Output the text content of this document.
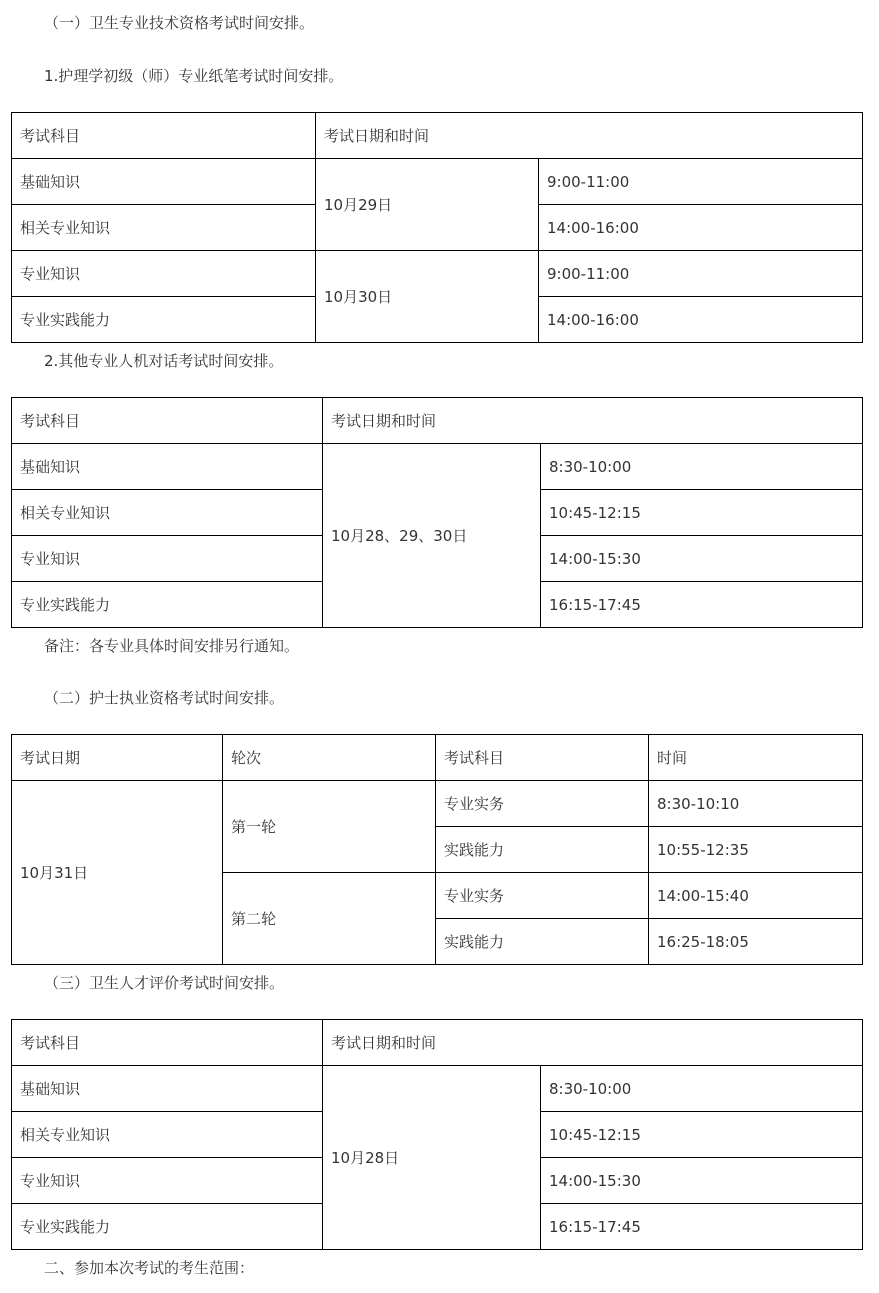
（一）卫生专业技术资格考试时间安排。
1.护理学初级（师）专业纸笔考试时间安排。
考试科目	考试日期和时间	
基础知识	10月29日	9:00-11:00
相关专业知识		14:00-16:00
专业知识	10月30日	9:00-11:00
专业实践能力		14:00-16:00
2.其他专业人机对话考试时间安排。
考试科目	考试日期和时间	
基础知识	10月28、29、30日	8:30-10:00
相关专业知识		10:45-12:15
专业知识		14:00-15:30
专业实践能力		16:15-17:45
备注：各专业具体时间安排另行通知。
（二）护士执业资格考试时间安排。
考试日期	轮次	考试科目	时间
10月31日	第一轮	专业实务	8:30-10:10
		实践能力	10:55-12:35
	第二轮	专业实务	14:00-15:40
		实践能力	16:25-18:05
（三）卫生人才评价考试时间安排。
考试科目	考试日期和时间	
基础知识	10月28日	8:30-10:00
相关专业知识		10:45-12:15
专业知识		14:00-15:30
专业实践能力		16:15-17:45
二、参加本次考试的考生范围：
